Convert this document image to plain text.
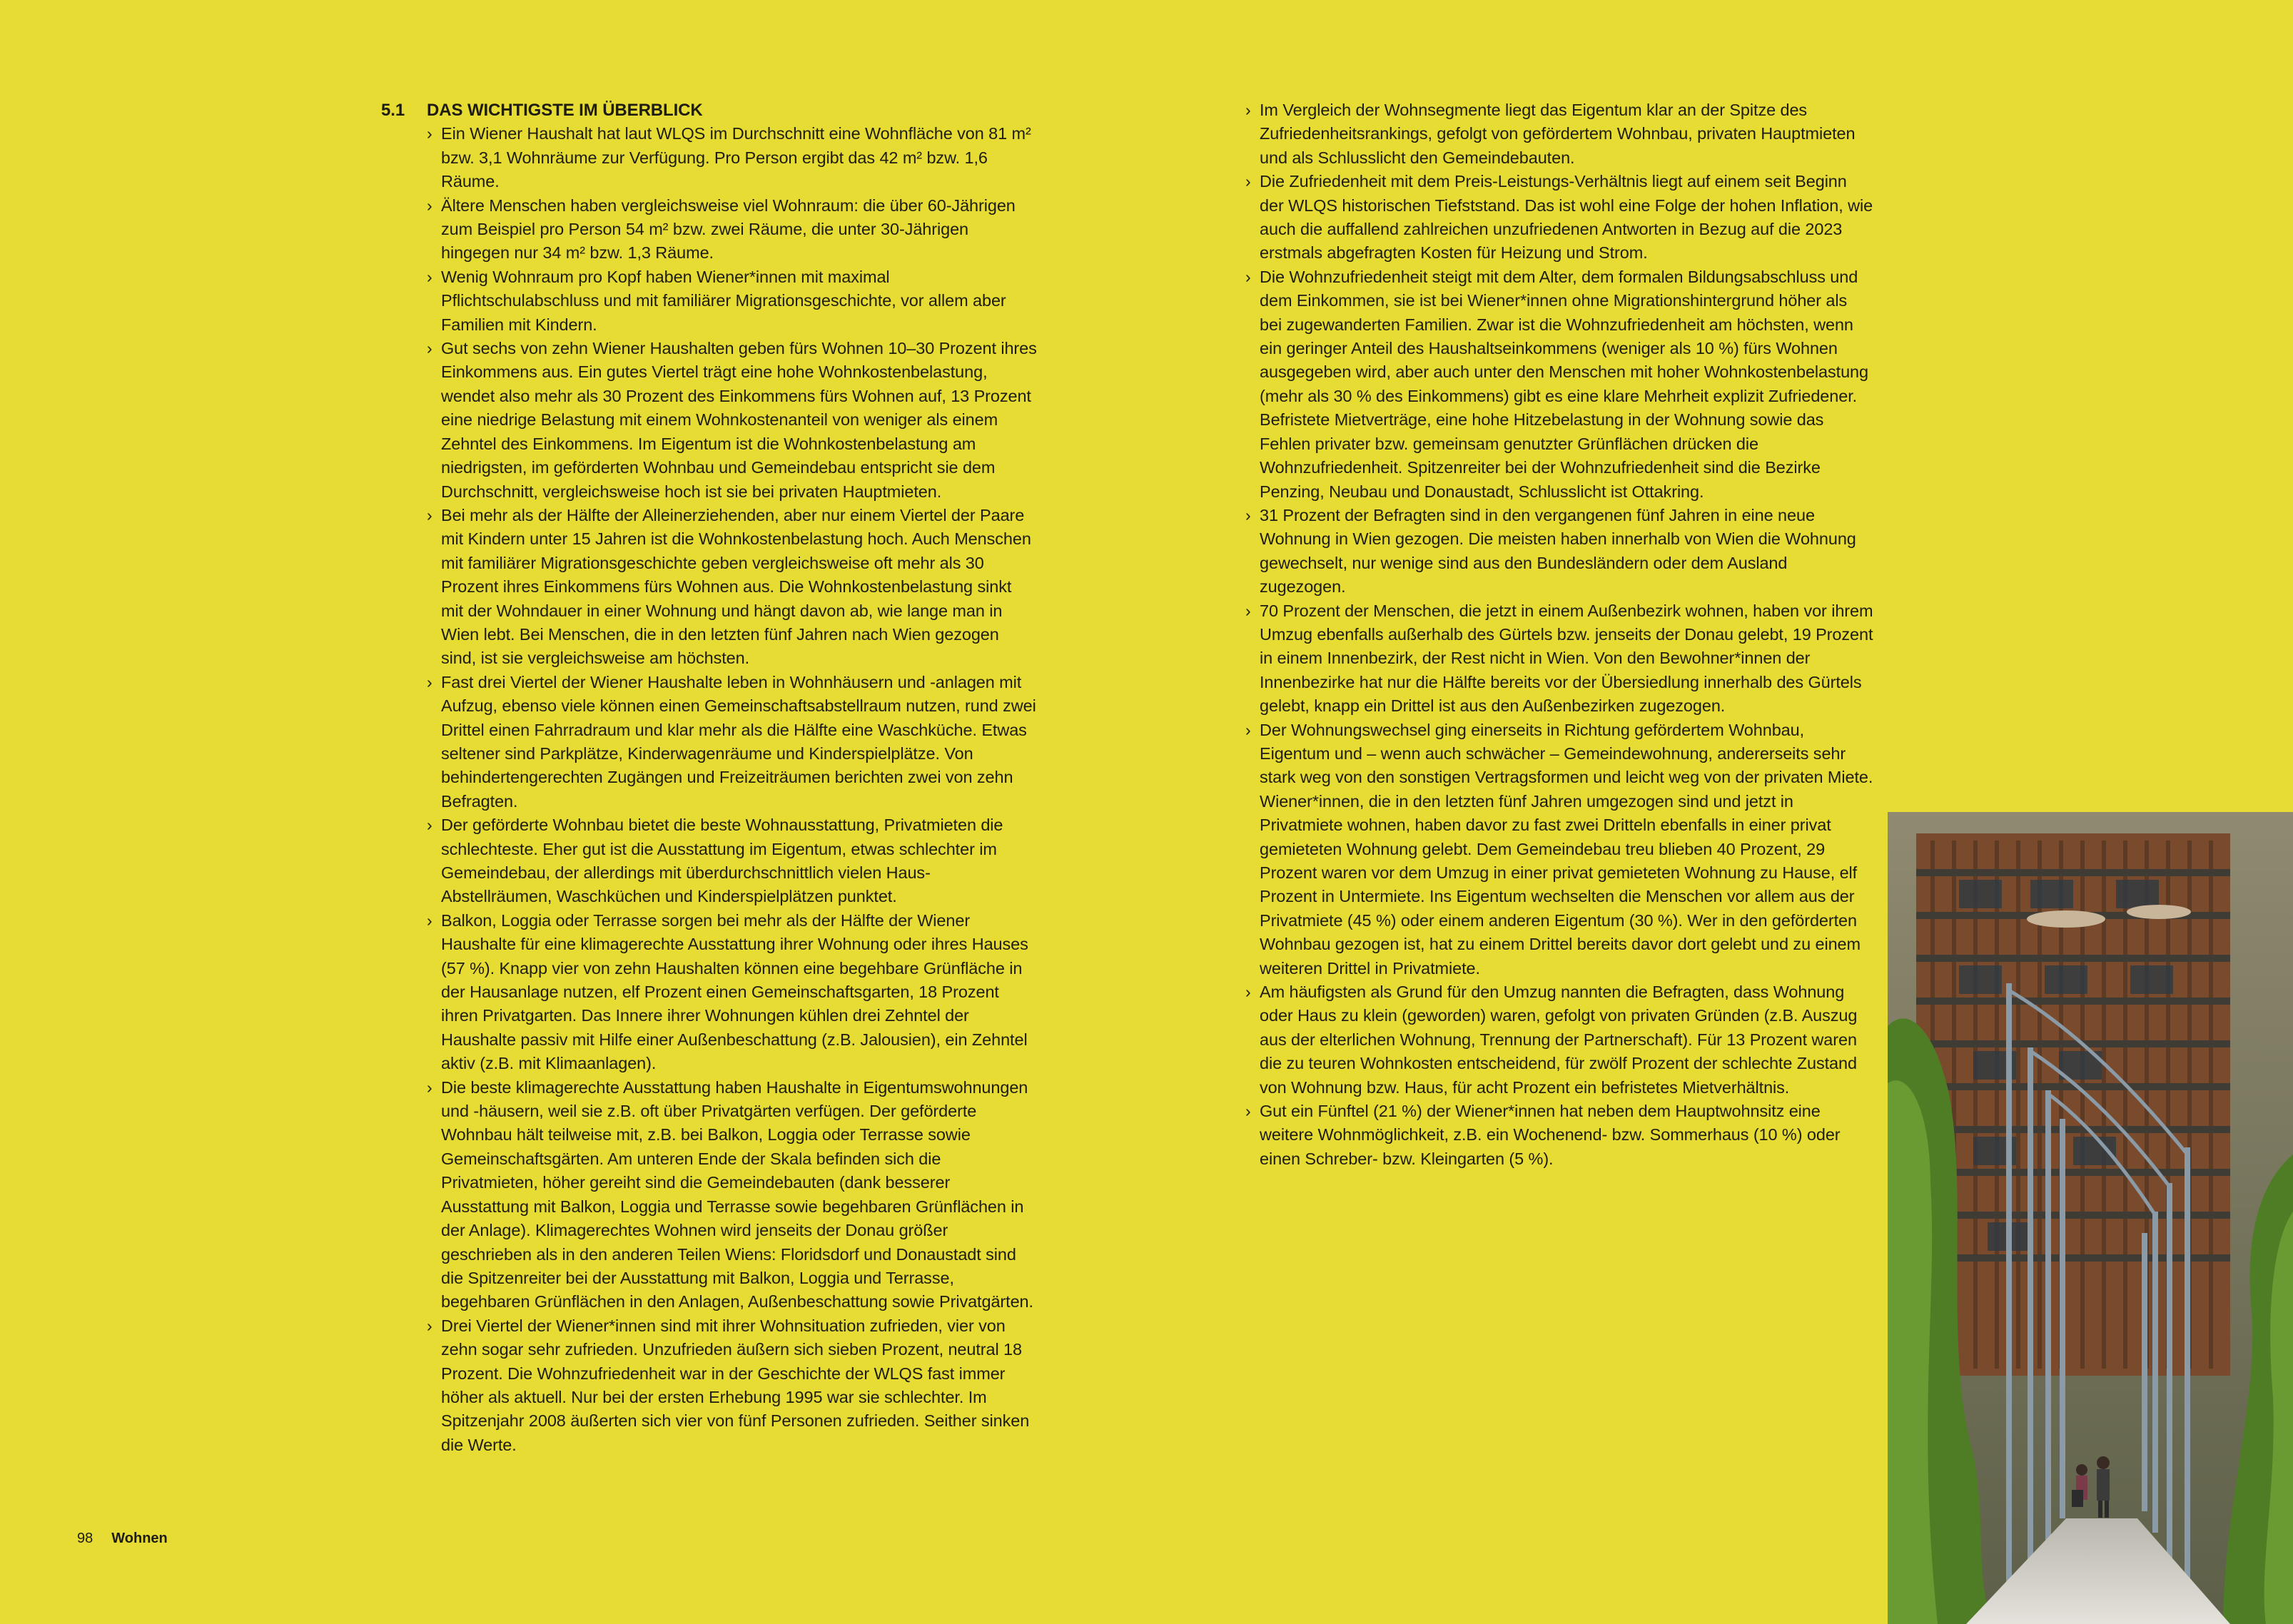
5.1	DAS WICHTIGSTE IM ÜBERBLICK
› Ein Wiener Haushalt hat laut WLQS im Durchschnitt eine Wohnfläche von 81 m² bzw. 3,1 Wohnräume zur Verfügung. Pro Person ergibt das 42 m² bzw. 1,6 Räume.
› Ältere Menschen haben vergleichsweise viel Wohnraum: die über 60-Jährigen zum Beispiel pro Person 54 m² bzw. zwei Räume, die unter 30-Jährigen hingegen nur 34 m² bzw. 1,3 Räume.
› Wenig Wohnraum pro Kopf haben Wiener*innen mit maximal Pflichtschulabschluss und mit familiärer Migrationsgeschichte, vor allem aber Familien mit Kindern.
› Gut sechs von zehn Wiener Haushalten geben fürs Wohnen 10–30 Prozent ihres Einkommens aus. Ein gutes Viertel trägt eine hohe Wohnkostenbelastung, wendet also mehr als 30 Prozent des Einkommens fürs Wohnen auf, 13 Prozent eine niedrige Belastung mit einem Wohnkostenanteil von weniger als einem Zehntel des Einkommens. Im Eigentum ist die Wohnkostenbelastung am niedrigsten, im geförderten Wohnbau und Gemeindebau entspricht sie dem Durchschnitt, vergleichsweise hoch ist sie bei privaten Hauptmieten.
› Bei mehr als der Hälfte der Alleinerziehenden, aber nur einem Viertel der Paare mit Kindern unter 15 Jahren ist die Wohnkostenbelastung hoch. Auch Menschen mit familiärer Migrationsgeschichte geben vergleichsweise oft mehr als 30 Prozent ihres Einkommens fürs Wohnen aus. Die Wohnkostenbelastung sinkt mit der Wohndauer in einer Wohnung und hängt davon ab, wie lange man in Wien lebt. Bei Menschen, die in den letzten fünf Jahren nach Wien gezogen sind, ist sie vergleichsweise am höchsten.
› Fast drei Viertel der Wiener Haushalte leben in Wohnhäusern und -anlagen mit Aufzug, ebenso viele können einen Gemeinschaftsabstellraum nutzen, rund zwei Drittel einen Fahrradraum und klar mehr als die Hälfte eine Waschküche. Etwas seltener sind Parkplätze, Kinderwagenräume und Kinderspielplätze. Von behindertengerechten Zugängen und Freizeiträumen berichten zwei von zehn Befragten.
› Der geförderte Wohnbau bietet die beste Wohnausstattung, Privatmieten die schlechteste. Eher gut ist die Ausstattung im Eigentum, etwas schlechter im Gemeindebau, der allerdings mit überdurchschnittlich vielen Haus-Abstellräumen, Waschküchen und Kinderspielplätzen punktet.
› Balkon, Loggia oder Terrasse sorgen bei mehr als der Hälfte der Wiener Haushalte für eine klimagerechte Ausstattung ihrer Wohnung oder ihres Hauses (57 %). Knapp vier von zehn Haushalten können eine begehbare Grünfläche in der Hausanlage nutzen, elf Prozent einen Gemeinschaftsgarten, 18 Prozent ihren Privatgarten. Das Innere ihrer Wohnungen kühlen drei Zehntel der Haushalte passiv mit Hilfe einer Außenbeschattung (z.B. Jalousien), ein Zehntel aktiv (z.B. mit Klimaanlagen).
› Die beste klimagerechte Ausstattung haben Haushalte in Eigentumswohnungen und -häusern, weil sie z.B. oft über Privatgärten verfügen. Der geförderte Wohnbau hält teilweise mit, z.B. bei Balkon, Loggia oder Terrasse sowie Gemeinschaftsgärten. Am unteren Ende der Skala befinden sich die Privatmieten, höher gereiht sind die Gemeindebauten (dank besserer Ausstattung mit Balkon, Loggia und Terrasse sowie begehbaren Grünflächen in der Anlage). Klimagerechtes Wohnen wird jenseits der Donau größer geschrieben als in den anderen Teilen Wiens: Floridsdorf und Donaustadt sind die Spitzenreiter bei der Ausstattung mit Balkon, Loggia und Terrasse, begehbaren Grünflächen in den Anlagen, Außenbeschattung sowie Privatgärten.
› Drei Viertel der Wiener*innen sind mit ihrer Wohnsituation zufrieden, vier von zehn sogar sehr zufrieden. Unzufrieden äußern sich sieben Prozent, neutral 18 Prozent. Die Wohnzufriedenheit war in der Geschichte der WLQS fast immer höher als aktuell. Nur bei der ersten Erhebung 1995 war sie schlechter. Im Spitzenjahr 2008 äußerten sich vier von fünf Personen zufrieden. Seither sinken die Werte.
› Im Vergleich der Wohnsegmente liegt das Eigentum klar an der Spitze des Zufriedenheitsrankings, gefolgt von gefördertem Wohnbau, privaten Hauptmieten und als Schlusslicht den Gemeindebauten.
› Die Zufriedenheit mit dem Preis-Leistungs-Verhältnis liegt auf einem seit Beginn der WLQS historischen Tiefststand. Das ist wohl eine Folge der hohen Inflation, wie auch die auffallend zahlreichen unzufriedenen Antworten in Bezug auf die 2023 erstmals abgefragten Kosten für Heizung und Strom.
› Die Wohnzufriedenheit steigt mit dem Alter, dem formalen Bildungsabschluss und dem Einkommen, sie ist bei Wiener*innen ohne Migrationshintergrund höher als bei zugewanderten Familien. Zwar ist die Wohnzufriedenheit am höchsten, wenn ein geringer Anteil des Haushaltseinkommens (weniger als 10 %) fürs Wohnen ausgegeben wird, aber auch unter den Menschen mit hoher Wohnkostenbelastung (mehr als 30 % des Einkommens) gibt es eine klare Mehrheit explizit Zufriedener. Befristete Mietverträge, eine hohe Hitzebelastung in der Wohnung sowie das Fehlen privater bzw. gemeinsam genutzter Grünflächen drücken die Wohnzufriedenheit. Spitzenreiter bei der Wohnzufriedenheit sind die Bezirke Penzing, Neubau und Donaustadt, Schlusslicht ist Ottakring.
› 31 Prozent der Befragten sind in den vergangenen fünf Jahren in eine neue Wohnung in Wien gezogen. Die meisten haben innerhalb von Wien die Wohnung gewechselt, nur wenige sind aus den Bundesländern oder dem Ausland zugezogen.
› 70 Prozent der Menschen, die jetzt in einem Außenbezirk wohnen, haben vor ihrem Umzug ebenfalls außerhalb des Gürtels bzw. jenseits der Donau gelebt, 19 Prozent in einem Innenbezirk, der Rest nicht in Wien. Von den Bewohner*innen der Innenbezirke hat nur die Hälfte bereits vor der Übersiedlung innerhalb des Gürtels gelebt, knapp ein Drittel ist aus den Außenbezirken zugezogen.
› Der Wohnungswechsel ging einerseits in Richtung gefördertem Wohnbau, Eigentum und – wenn auch schwächer – Gemeindewohnung, andererseits sehr stark weg von den sonstigen Vertragsformen und leicht weg von der privaten Miete. Wiener*innen, die in den letzten fünf Jahren umgezogen sind und jetzt in Privatmiete wohnen, haben davor zu fast zwei Dritteln ebenfalls in einer privat gemieteten Wohnung gelebt. Dem Gemeindebau treu blieben 40 Prozent, 29 Prozent waren vor dem Umzug in einer privat gemieteten Wohnung zu Hause, elf Prozent in Untermiete. Ins Eigentum wechselten die Menschen vor allem aus der Privatmiete (45 %) oder einem anderen Eigentum (30 %). Wer in den geförderten Wohnbau gezogen ist, hat zu einem Drittel bereits davor dort gelebt und zu einem weiteren Drittel in Privatmiete.
› Am häufigsten als Grund für den Umzug nannten die Befragten, dass Wohnung oder Haus zu klein (geworden) waren, gefolgt von privaten Gründen (z.B. Auszug aus der elterlichen Wohnung, Trennung der Partnerschaft). Für 13 Prozent waren die zu teuren Wohnkosten entscheidend, für zwölf Prozent der schlechte Zustand von Wohnung bzw. Haus, für acht Prozent ein befristetes Mietverhältnis.
› Gut ein Fünftel (21 %) der Wiener*innen hat neben dem Hauptwohnsitz eine weitere Wohnmöglichkeit, z.B. ein Wochenend- bzw. Sommerhaus (10 %) oder einen Schreber- bzw. Kleingarten (5 %).
98 Wohnen
